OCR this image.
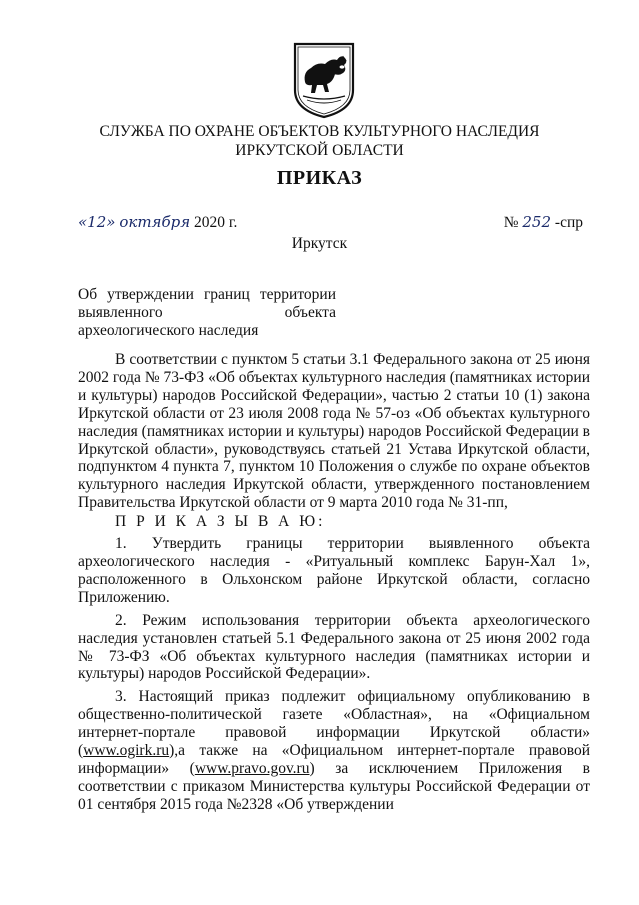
СЛУЖБА ПО ОХРАНЕ ОБЪЕКТОВ КУЛЬТУРНОГО НАСЛЕДИЯ
ИРКУТСКОЙ ОБЛАСТИ
ПРИКАЗ
«12» октября 2020 г.	№ 252 -спр
Иркутск
Об утверждении границ территории выявленного объекта археологического наследия

В соответствии с пунктом 5 статьи 3.1 Федерального закона от 25 июня 2002 года № 73-ФЗ «Об объектах культурного наследия (памятниках истории и культуры) народов Российской Федерации», частью 2 статьи 10 (1) закона Иркутской области от 23 июля 2008 года № 57-оз «Об объектах культурного наследия (памятниках истории и культуры) народов Российской Федерации в Иркутской области», руководствуясь статьей 21 Устава Иркутской области, подпунктом 4 пункта 7, пунктом 10 Положения о службе по охране объектов культурного наследия Иркутской области, утвержденного постановлением Правительства Иркутской области от 9 марта 2010 года № 31-пп,

П Р И К А З Ы В А Ю:

1. Утвердить границы территории выявленного объекта археологического наследия - «Ритуальный комплекс Барун-Хал 1», расположенного в Ольхонском районе Иркутской области, согласно Приложению.

2. Режим использования территории объекта археологического наследия установлен статьей 5.1 Федерального закона от 25 июня 2002 года № 73-ФЗ «Об объектах культурного наследия (памятниках истории и культуры) народов Российской Федерации».

3. Настоящий приказ подлежит официальному опубликованию в общественно-политической газете «Областная», на «Официальном интернет-портале правовой информации Иркутской области» (www.ogirk.ru),а также на «Официальном интернет-портале правовой информации» (www.pravo.gov.ru) за исключением Приложения в соответствии с приказом Министерства культуры Российской Федерации от 01 сентября 2015 года №2328 «Об утверждении
